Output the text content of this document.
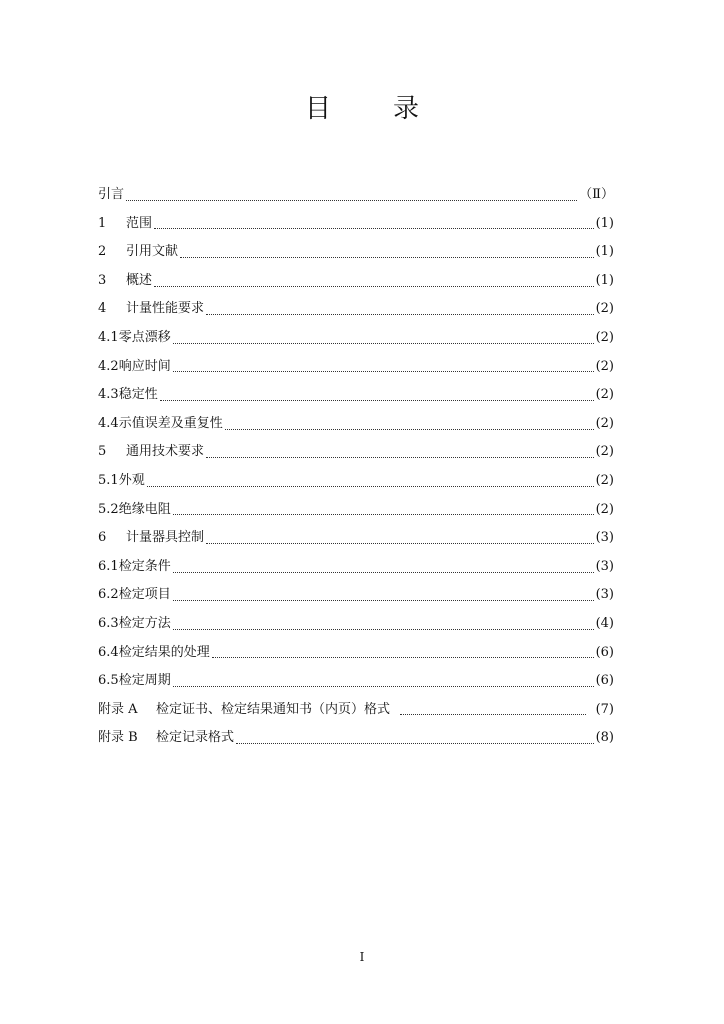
目 录
引言	（Ⅱ）
1	范围	(1)
2	引用文献	(1)
3	概述	(1)
4	计量性能要求	(2)
4.1 零点漂移	(2)
4.2 响应时间	(2)
4.3 稳定性	(2)
4.4 示值误差及重复性	(2)
5	通用技术要求	(2)
5.1 外观	(2)
5.2 绝缘电阻	(2)
6	计量器具控制	(3)
6.1 检定条件	(3)
6.2 检定项目	(3)
6.3 检定方法	(4)
6.4 检定结果的处理	(6)
6.5 检定周期	(6)
附录 A	检定证书、检定结果通知书（内页）格式	(7)
附录 B	检定记录格式	(8)
I
